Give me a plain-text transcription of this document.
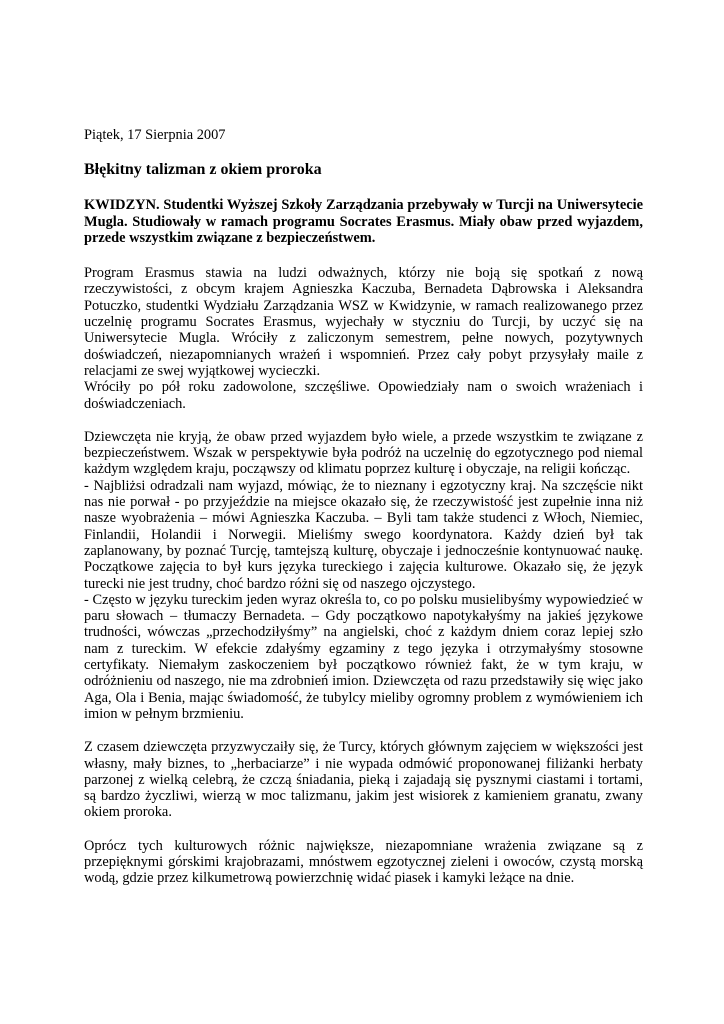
Piątek, 17 Sierpnia 2007
Błękitny talizman z okiem proroka
KWIDZYN. Studentki Wyższej Szkoły Zarządzania przebywały w Turcji na Uniwersytecie Mugla. Studiowały w ramach programu Socrates Erasmus. Miały obaw przed wyjazdem, przede wszystkim związane z bezpieczeństwem.
Program Erasmus stawia na ludzi odważnych, którzy nie boją się spotkań z nową rzeczywistości, z obcym krajem Agnieszka Kaczuba, Bernadeta Dąbrowska i Aleksandra Potuczko, studentki Wydziału Zarządzania WSZ w Kwidzynie, w ramach realizowanego przez uczelnię programu Socrates Erasmus, wyjechały w styczniu do Turcji, by uczyć się na Uniwersytecie Mugla. Wróciły z zaliczonym semestrem, pełne nowych, pozytywnych doświadczeń, niezapomnianych wrażeń i wspomnień. Przez cały pobyt przysyłały maile z relacjami ze swej wyjątkowej wycieczki.
Wróciły po pół roku zadowolone, szczęśliwe. Opowiedziały nam o swoich wrażeniach i doświadczeniach.
Dziewczęta nie kryją, że obaw przed wyjazdem było wiele, a przede wszystkim te związane z bezpieczeństwem. Wszak w perspektywie była podróż na uczelnię do egzotycznego pod niemal każdym względem kraju, począwszy od klimatu poprzez kulturę i obyczaje, na religii kończąc.
- Najbliżsi odradzali nam wyjazd, mówiąc, że to nieznany i egzotyczny kraj. Na szczęście nikt nas nie porwał - po przyjeździe na miejsce okazało się, że rzeczywistość jest zupełnie inna niż nasze wyobrażenia – mówi Agnieszka Kaczuba. – Byli tam także studenci z Włoch, Niemiec, Finlandii, Holandii i Norwegii. Mieliśmy swego koordynatora. Każdy dzień był tak zaplanowany, by poznać Turcję, tamtejszą kulturę, obyczaje i jednocześnie kontynuować naukę. Początkowe zajęcia to był kurs języka tureckiego i zajęcia kulturowe. Okazało się, że język turecki nie jest trudny, choć bardzo różni się od naszego ojczystego.
- Często w języku tureckim jeden wyraz określa to, co po polsku musielibyśmy wypowiedzieć w paru słowach – tłumaczy Bernadeta. – Gdy początkowo napotykałyśmy na jakieś językowe trudności, wówczas „przechodziłyśmy” na angielski, choć z każdym dniem coraz lepiej szło nam z tureckim. W efekcie zdałyśmy egzaminy z tego języka i otrzymałyśmy stosowne certyfikaty. Niemałym zaskoczeniem był początkowo również fakt, że w tym kraju, w odróżnieniu od naszego, nie ma zdrobnień imion. Dziewczęta od razu przedstawiły się więc jako Aga, Ola i Benia, mając świadomość, że tubylcy mieliby ogromny problem z wymówieniem ich imion w pełnym brzmieniu.
Z czasem dziewczęta przyzwyczaiły się, że Turcy, których głównym zajęciem w większości jest własny, mały biznes, to „herbaciarze” i nie wypada odmówić proponowanej filiżanki herbaty parzonej z wielką celebrą, że czczą śniadania, pieką i zajadają się pysznymi ciastami i tortami, są bardzo życzliwi, wierzą w moc talizmanu, jakim jest wisiorek z kamieniem granatu, zwany okiem proroka.
Oprócz tych kulturowych różnic największe, niezapomniane wrażenia związane są z przepięknymi górskimi krajobrazami, mnóstwem egzotycznej zieleni i owoców, czystą morską wodą, gdzie przez kilkumetrową powierzchnię widać piasek i kamyki leżące na dnie.
